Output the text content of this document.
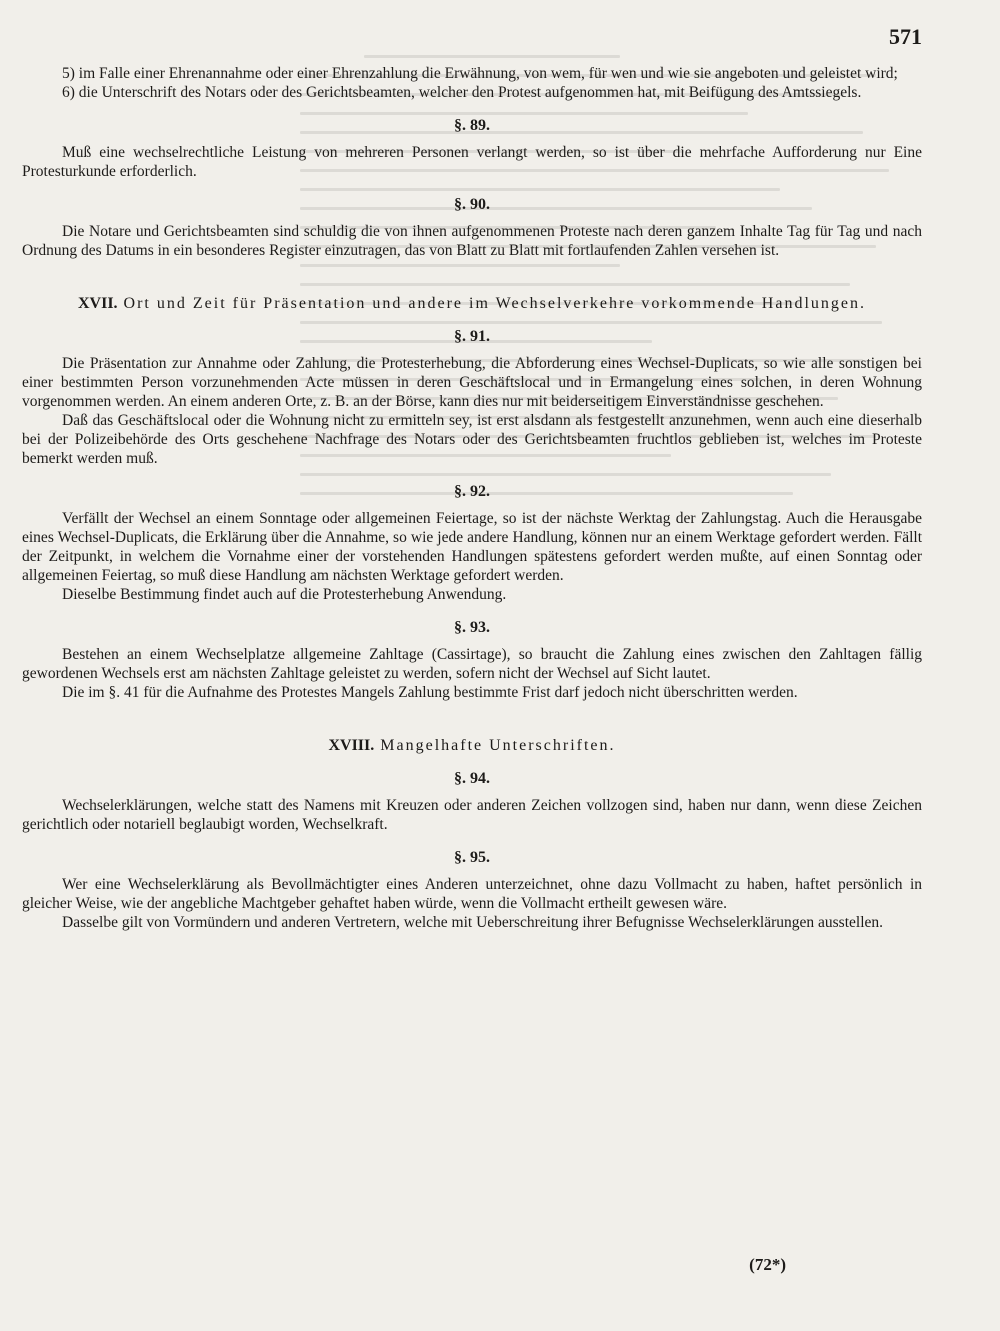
571

5) im Falle einer Ehrenannahme oder einer Ehrenzahlung die Erwähnung, von wem, für wen und wie sie angeboten und geleistet wird;

6) die Unterschrift des Notars oder des Gerichtsbeamten, welcher den Protest aufgenommen hat, mit Beifügung des Amtssiegels.

§. 89.

Muß eine wechselrechtliche Leistung von mehreren Personen verlangt werden, so ist über die mehrfache Aufforderung nur Eine Protesturkunde erforderlich.

§. 90.

Die Notare und Gerichtsbeamten sind schuldig die von ihnen aufgenommenen Proteste nach deren ganzem Inhalte Tag für Tag und nach Ordnung des Datums in ein besonderes Register einzutragen, das von Blatt zu Blatt mit fortlaufenden Zahlen versehen ist.

XVII. Ort und Zeit für Präsentation und andere im Wechselverkehre vorkommende Handlungen.
§. 91.

Die Präsentation zur Annahme oder Zahlung, die Protesterhebung, die Abforderung eines Wechsel-Duplicats, so wie alle sonstigen bei einer bestimmten Person vorzunehmenden Acte müssen in deren Geschäftslocal und in Ermangelung eines solchen, in deren Wohnung vorgenommen werden. An einem anderen Orte, z. B. an der Börse, kann dies nur mit beiderseitigem Einverständnisse geschehen.

Daß das Geschäftslocal oder die Wohnung nicht zu ermitteln sey, ist erst alsdann als festgestellt anzunehmen, wenn auch eine dieserhalb bei der Polizeibehörde des Orts geschehene Nachfrage des Notars oder des Gerichtsbeamten fruchtlos geblieben ist, welches im Proteste bemerkt werden muß.

§. 92.

Verfällt der Wechsel an einem Sonntage oder allgemeinen Feiertage, so ist der nächste Werktag der Zahlungstag. Auch die Herausgabe eines Wechsel-Duplicats, die Erklärung über die Annahme, so wie jede andere Handlung, können nur an einem Werktage gefordert werden. Fällt der Zeitpunkt, in welchem die Vornahme einer der vorstehenden Handlungen spätestens gefordert werden mußte, auf einen Sonntag oder allgemeinen Feiertag, so muß diese Handlung am nächsten Werktage gefordert werden.

Dieselbe Bestimmung findet auch auf die Protesterhebung Anwendung.

§. 93.

Bestehen an einem Wechselplatze allgemeine Zahltage (Cassirtage), so braucht die Zahlung eines zwischen den Zahltagen fällig gewordenen Wechsels erst am nächsten Zahltage geleistet zu werden, sofern nicht der Wechsel auf Sicht lautet.

Die im §. 41 für die Aufnahme des Protestes Mangels Zahlung bestimmte Frist darf jedoch nicht überschritten werden.

XVIII. Mangelhafte Unterschriften.
§. 94.

Wechselerklärungen, welche statt des Namens mit Kreuzen oder anderen Zeichen vollzogen sind, haben nur dann, wenn diese Zeichen gerichtlich oder notariell beglaubigt worden, Wechselkraft.

§. 95.

Wer eine Wechselerklärung als Bevollmächtigter eines Anderen unterzeichnet, ohne dazu Vollmacht zu haben, haftet persönlich in gleicher Weise, wie der angebliche Machtgeber gehaftet haben würde, wenn die Vollmacht ertheilt gewesen wäre.

Dasselbe gilt von Vormündern und anderen Vertretern, welche mit Ueberschreitung ihrer Befugnisse Wechselerklärungen ausstellen.

(72*)
